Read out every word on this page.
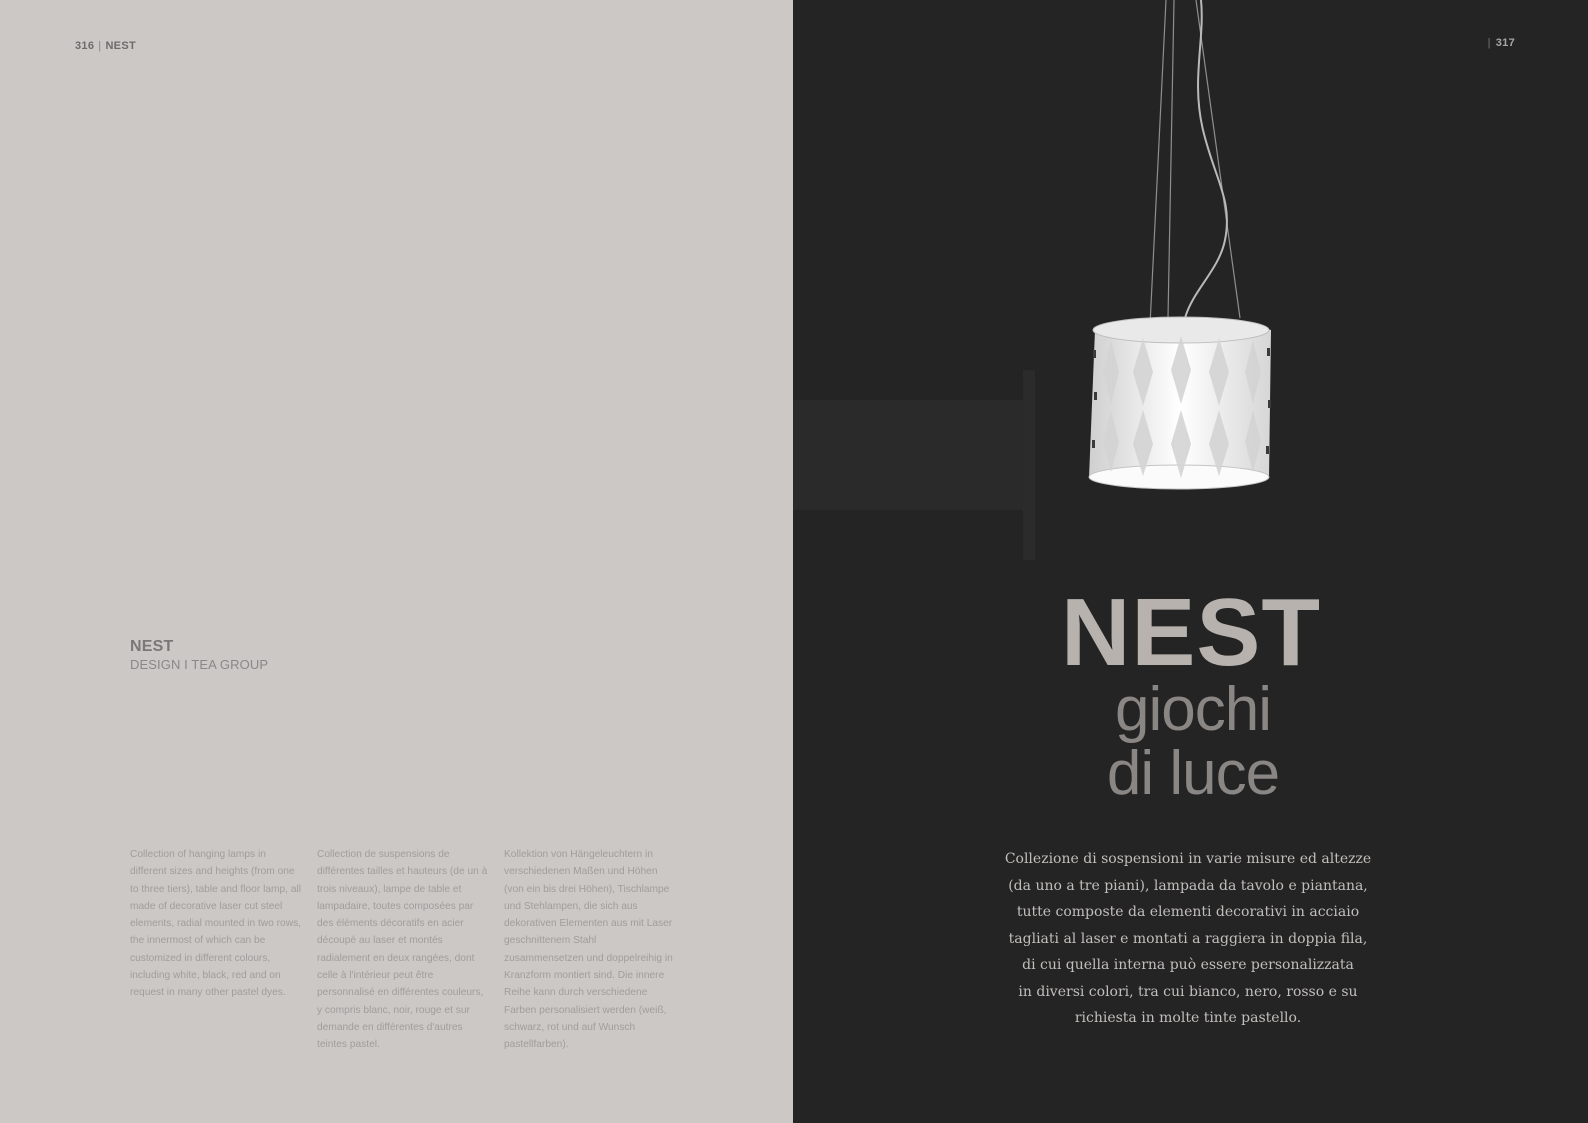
316 | NEST
NEST
DESIGN I TEA GROUP
Collection of hanging lamps in different sizes and heights (from one to three tiers), table and floor lamp, all made of decorative laser cut steel elements, radial mounted in two rows, the innermost of which can be customized in different colours, including white, black, red and on request in many other pastel dyes.
Collection de suspensions de différentes tailles et hauteurs (de un à trois niveaux), lampe de table et lampadaire, toutes composées par des éléments décoratifs en acier découpé au laser et montés radialement en deux rangées, dont celle à l'intérieur peut être personnalisé en différentes couleurs, y compris blanc, noir, rouge et sur demande en différentes d'autres teintes pastel.
Kollektion von Hängeleuchtern in verschiedenen Maßen und Höhen (von ein bis drei Höhen), Tischlampe und Stehlampen, die sich aus dekorativen Elementen aus mit Laser geschnittenem Stahl zusammensetzen und doppelreihig in Kranzform montiert sind. Die innere Reihe kann durch verschiedene Farben personalisiert werden (weiß, schwarz, rot und auf Wunsch pastellfarben).
| 317
NEST
giochi
di luce
Collezione di sospensioni in varie misure ed altezze
(da uno a tre piani), lampada da tavolo e piantana,
tutte composte da elementi decorativi in acciaio
tagliati al laser e montati a raggiera in doppia fila,
di cui quella interna può essere personalizzata
in diversi colori, tra cui bianco, nero, rosso e su
richiesta in molte tinte pastello.
